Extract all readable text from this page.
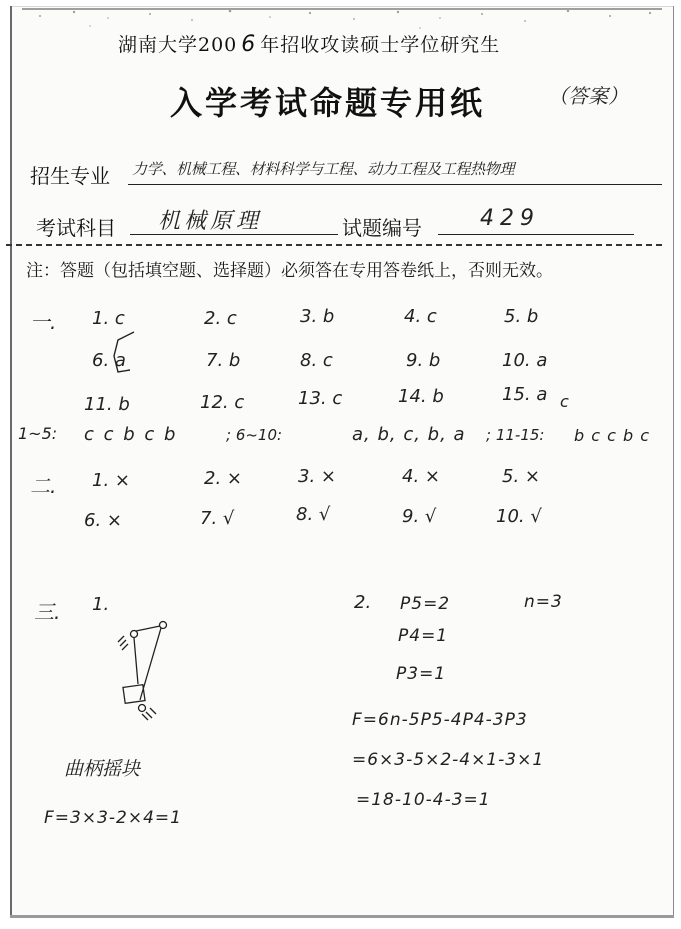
湖南大学200 6 年招收攻读硕士学位研究生
入学考试命题专用纸	（答案）
招生专业 力学、机械工程、材料科学与工程、动力工程及工程热物理
考试科目 机械原理	试题编号	429
注：答题（包括填空题、选择题）必须答在专用答卷纸上，否则无效。
一. 1. c	2. c	3. b	4. c	5. b
6. a	7. b	8. c	9. b	10. a
11. b	12. c	13. c	14. b	15. a c
1~5: c c b c b	; 6~10:	a, b, c, b, a ; 11-15: b c c b c
二. 1. ×	2. ×	3. ×	4. ×	5. ×
6. ×	7. √	8. √	9. √	10. √
三. 1.
曲柄摇块
F=3×3-2×4=1
2. P5=2	n=3
P4=1
P3=1
F=6n-5P5-4P4-3P3
=6×3-5×2-4×1-3×1
=18-10-4-3=1
